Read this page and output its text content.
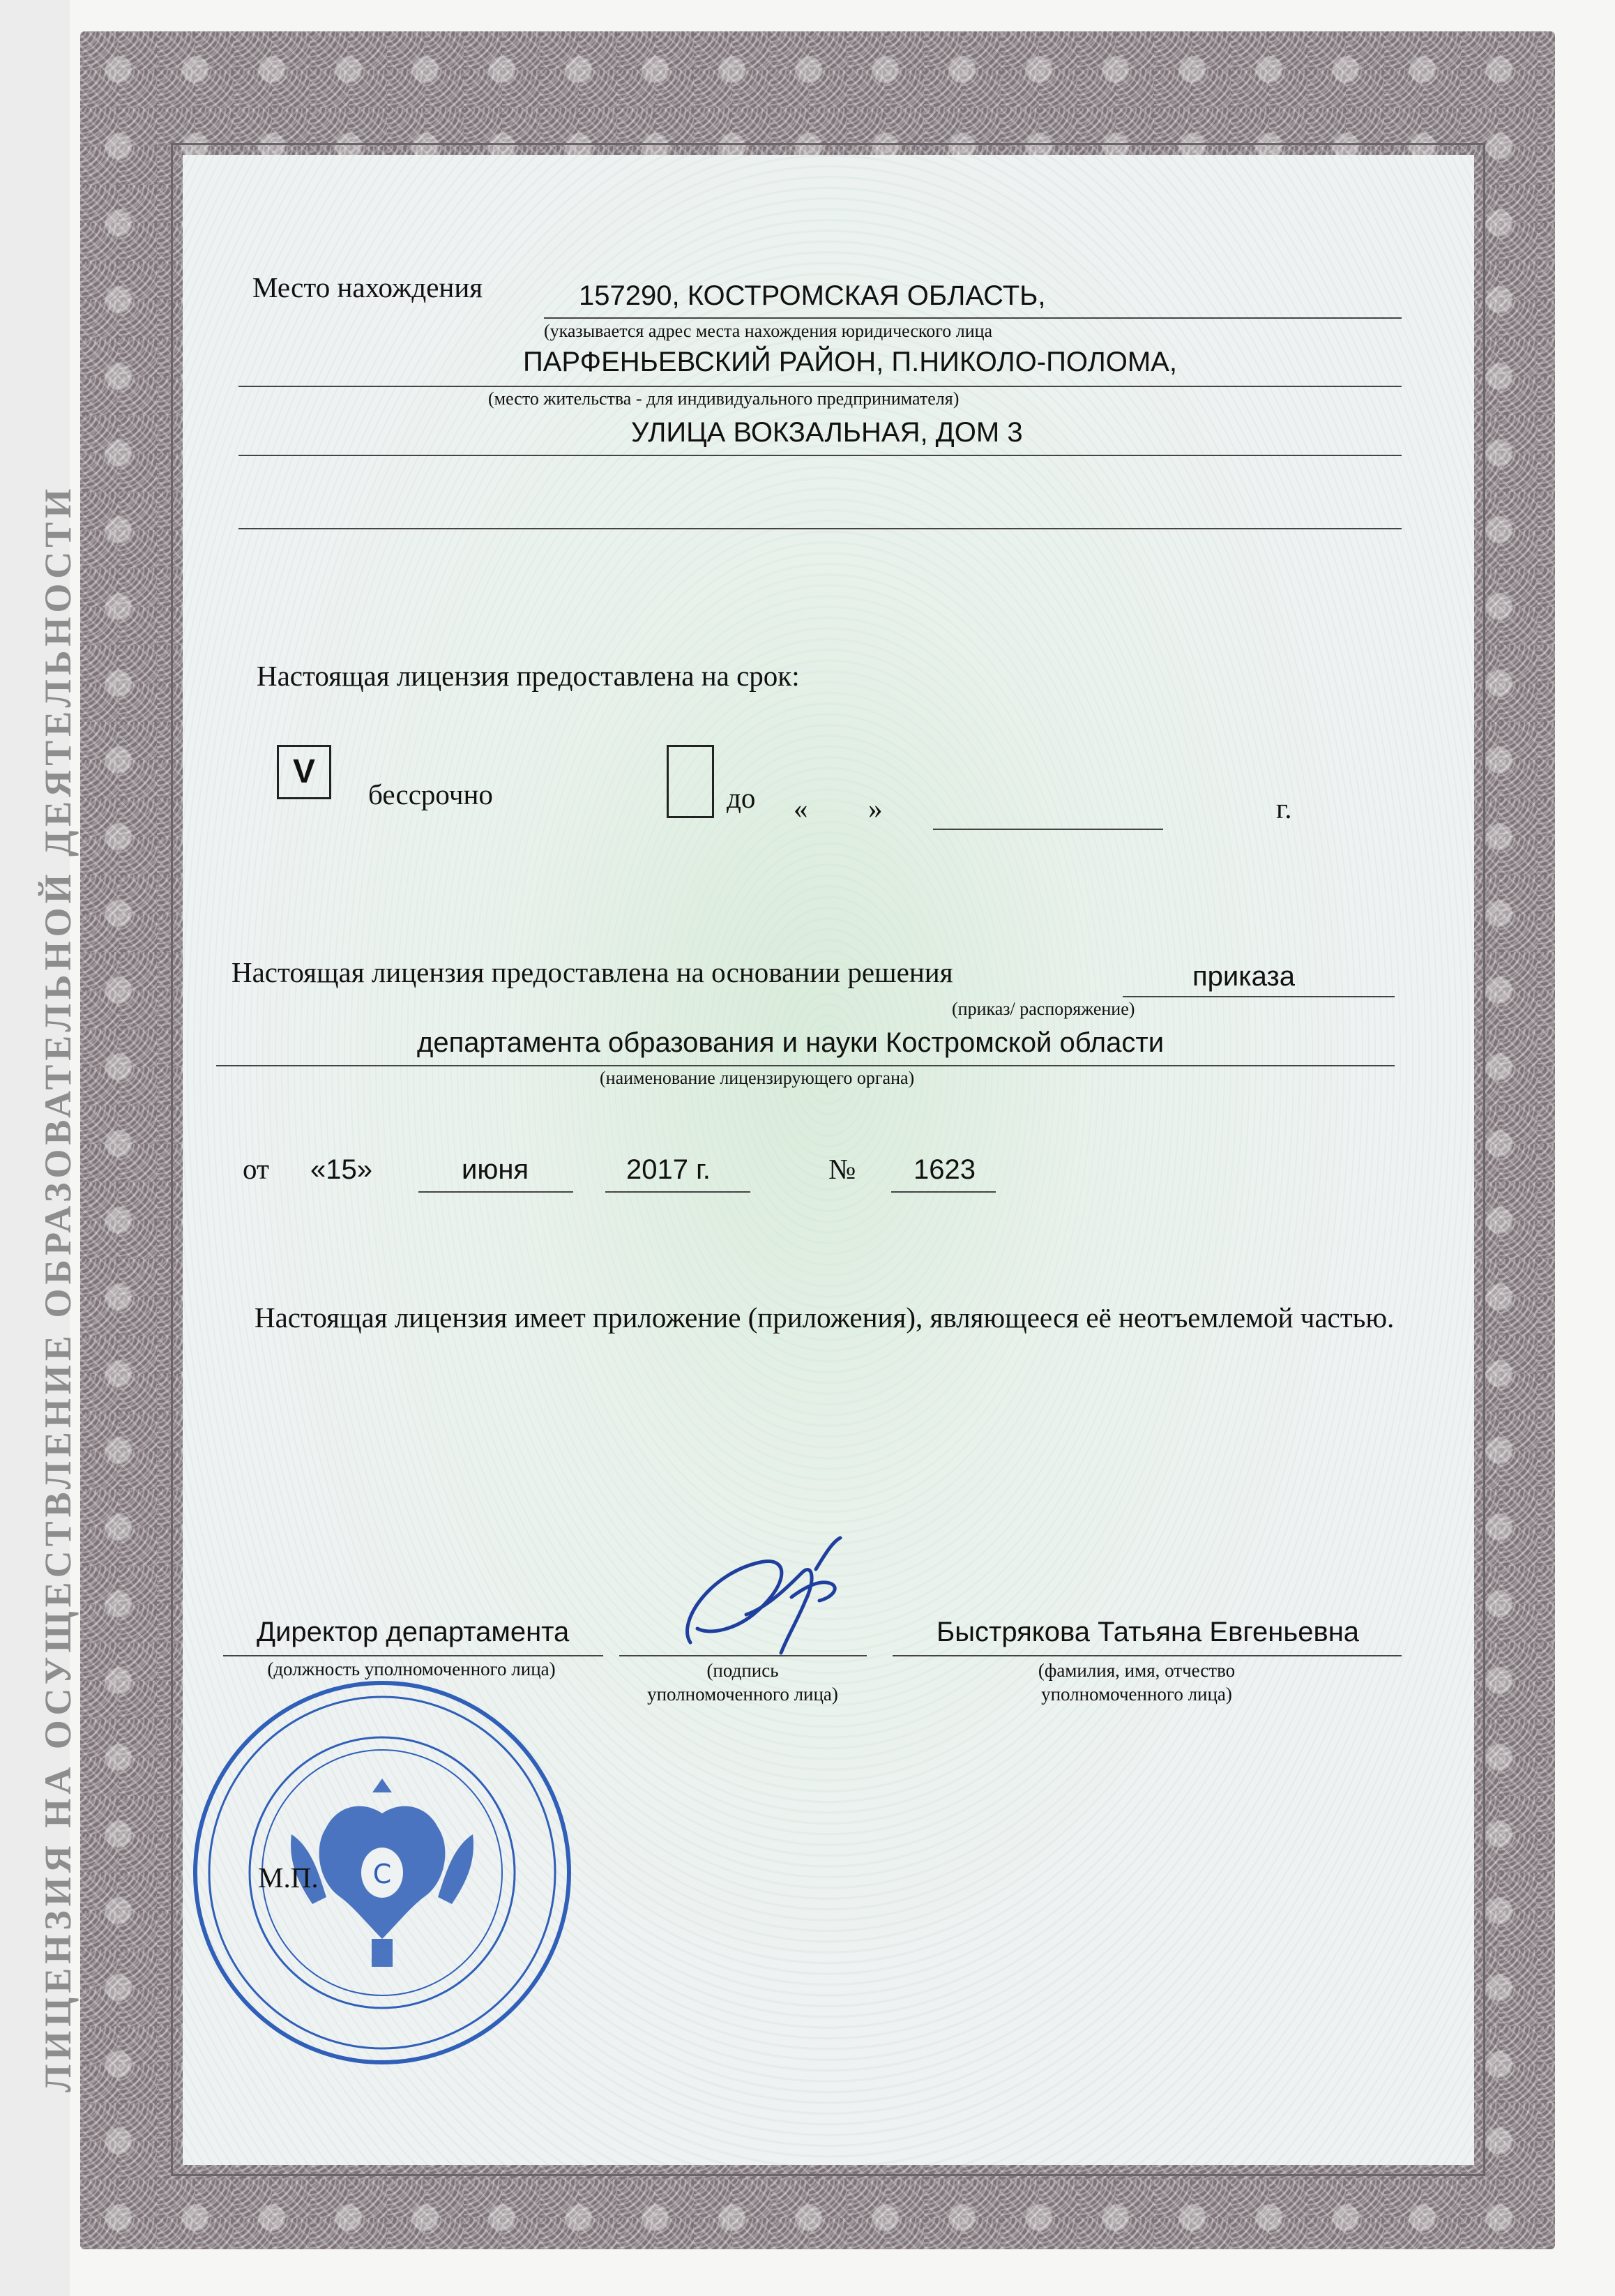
ЛИЦЕНЗИЯ НА ОСУЩЕСТВЛЕНИЕ ОБРАЗОВАТЕЛЬНОЙ ДЕЯТЕЛЬНОСТИ
Место нахождения	157290, КОСТРОМСКАЯ ОБЛАСТЬ,
(указывается адрес места нахождения юридического лица
ПАРФЕНЬЕВСКИЙ РАЙОН, П.НИКОЛО-ПОЛОМА,
(место жительства - для индивидуального предпринимателя)
УЛИЦА ВОКЗАЛЬНАЯ, ДОМ 3
Настоящая лицензия предоставлена на срок:
V
бессрочно	до « »	г.
Настоящая лицензия предоставлена на основании решения	приказа
(приказ/ распоряжение)
департамента образования и науки Костромской области
(наименование лицензирующего органа)
от «15»	июня	2017 г.	№ 1623
Настоящая лицензия имеет приложение (приложения), являющееся её неотъемлемой частью.
Директор департамента
(должность уполномоченного лица)	(подпись уполномоченного лица)
Быстрякова Татьяна Евгеньевна
(фамилия, имя, отчество уполномоченного лица)
С
М.П.
